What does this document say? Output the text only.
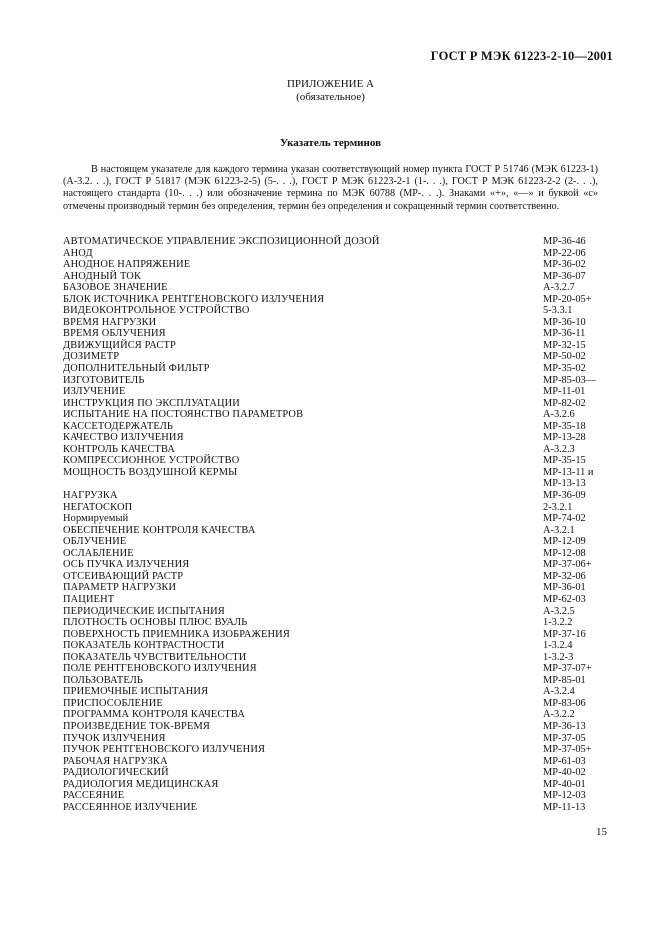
ГОСТ Р МЭК 61223-2-10—2001
ПРИЛОЖЕНИЕ А
(обязательное)
Указатель терминов

В настоящем указателе для каждого термина указан соответствующий номер пункта ГОСТ Р 51746 (МЭК 61223-1) (А-3.2. . .), ГОСТ Р 51817 (МЭК 61223-2-5) (5-. . .), ГОСТ Р МЭК 61223-2-1 (1-. . .), ГОСТ Р МЭК 61223-2-2 (2-. . .), настоящего стандарта (10-. . .) или обозначение термина по МЭК 60788 (МР-. . .). Знаками «+», «—» и буквой «с» отмечены производный термин без определения, термин без определения и сокращенный термин соответственно.

АВТОМАТИЧЕСКОЕ УПРАВЛЕНИЕ ЭКСПОЗИЦИОННОЙ ДОЗОЙ	МР-36-46
АНОД	МР-22-06
АНОДНОЕ НАПРЯЖЕНИЕ	МР-36-02
АНОДНЫЙ ТОК	МР-36-07
БАЗОВОЕ ЗНАЧЕНИЕ	А-3.2.7
БЛОК ИСТОЧНИКА РЕНТГЕНОВСКОГО ИЗЛУЧЕНИЯ	МР-20-05+
ВИДЕОКОНТРОЛЬНОЕ УСТРОЙСТВО	5-3.3.1
ВРЕМЯ НАГРУЗКИ	МР-36-10
ВРЕМЯ ОБЛУЧЕНИЯ	МР-36-11
ДВИЖУЩИЙСЯ РАСТР	МР-32-15
ДОЗИМЕТР	МР-50-02
ДОПОЛНИТЕЛЬНЫЙ ФИЛЬТР	МР-35-02
ИЗГОТОВИТЕЛЬ	МР-85-03—
ИЗЛУЧЕНИЕ	МР-11-01
ИНСТРУКЦИЯ ПО ЭКСПЛУАТАЦИИ	МР-82-02
ИСПЫТАНИЕ НА ПОСТОЯНСТВО ПАРАМЕТРОВ	А-3.2.6
КАССЕТОДЕРЖАТЕЛЬ	МР-35-18
КАЧЕСТВО ИЗЛУЧЕНИЯ	МР-13-28
КОНТРОЛЬ КАЧЕСТВА	А-3.2.3
КОМПРЕССИОННОЕ УСТРОЙСТВО	МР-35-15
МОЩНОСТЬ ВОЗДУШНОЙ КЕРМЫ	МР-13-11 и
МР-13-13
НАГРУЗКА	МР-36-09
НЕГАТОСКОП	2-3.2.1
Нормируемый	МР-74-02
ОБЕСПЕЧЕНИЕ КОНТРОЛЯ КАЧЕСТВА	А-3.2.1
ОБЛУЧЕНИЕ	МР-12-09
ОСЛАБЛЕНИЕ	МР-12-08
ОСЬ ПУЧКА ИЗЛУЧЕНИЯ	МР-37-06+
ОТСЕИВАЮЩИЙ РАСТР	МР-32-06
ПАРАМЕТР НАГРУЗКИ	МР-36-01
ПАЦИЕНТ	МР-62-03
ПЕРИОДИЧЕСКИЕ ИСПЫТАНИЯ	А-3.2.5
ПЛОТНОСТЬ ОСНОВЫ ПЛЮС ВУАЛЬ	1-3.2.2
ПОВЕРХНОСТЬ ПРИЕМНИКА ИЗОБРАЖЕНИЯ	МР-37-16
ПОКАЗАТЕЛЬ КОНТРАСТНОСТИ	1-3.2.4
ПОКАЗАТЕЛЬ ЧУВСТВИТЕЛЬНОСТИ	1-3.2-3
ПОЛЕ РЕНТГЕНОВСКОГО ИЗЛУЧЕНИЯ	МР-37-07+
ПОЛЬЗОВАТЕЛЬ	МР-85-01
ПРИЕМОЧНЫЕ ИСПЫТАНИЯ	А-3.2.4
ПРИСПОСОБЛЕНИЕ	МР-83-06
ПРОГРАММА КОНТРОЛЯ КАЧЕСТВА	А-3.2.2
ПРОИЗВЕДЕНИЕ ТОК-ВРЕМЯ	МР-36-13
ПУЧОК ИЗЛУЧЕНИЯ	МР-37-05
ПУЧОК РЕНТГЕНОВСКОГО ИЗЛУЧЕНИЯ	МР-37-05+
РАБОЧАЯ НАГРУЗКА	МР-61-03
РАДИОЛОГИЧЕСКИЙ	МР-40-02
РАДИОЛОГИЯ МЕДИЦИНСКАЯ	МР-40-01
РАССЕЯНИЕ	МР-12-03
РАССЕЯННОЕ ИЗЛУЧЕНИЕ	МР-11-13
15
